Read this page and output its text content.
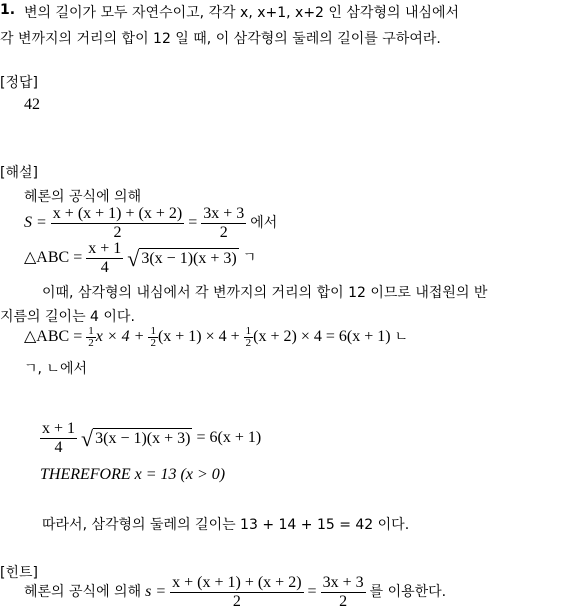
1. 변의 길이가 모두 자연수이고, 각각 x, x+1, x+2 인 삼각형의 내심에서
각 변까지의 거리의 합이 12 일 때, 이 삼각형의 둘레의 길이를 구하여라.
[정답]
42
[해설]
헤론의 공식에 의해
$S = \frac{x + (x + 1) + (x + 2)}{2} = \frac{3x + 3}{2}$ 에서
△ABC = $\frac{x + 1}{4}$ √ 3(x − 1)(x + 3) ㄱ
이때, 삼각형의 내심에서 각 변까지의 거리의 합이 12 이므로 내접원의 반
지름의 길이는 4 이다.
△ABC = $\frac{1}{2}$ $x \times 4 + \frac{1}{2} (x + 1) \times 4 + \frac{1}{2} (x + 2) \times 4 = 6(x + 1)$ ㄴ
ㄱ, ㄴ에서
$\frac{x + 1}{4}$ √ 3(x − 1)(x + 3) = 6(x + 1)
THEREFORE x = 13 (x > 0)
따라서, 삼각형의 둘레의 길이는 13 + 14 + 15 = 42 이다.
[힌트]
헤론의 공식에 의해 $s = \frac{x + (x + 1) + (x + 2)}{2} = \frac{3x + 3}{2}$ 를 이용한다.
